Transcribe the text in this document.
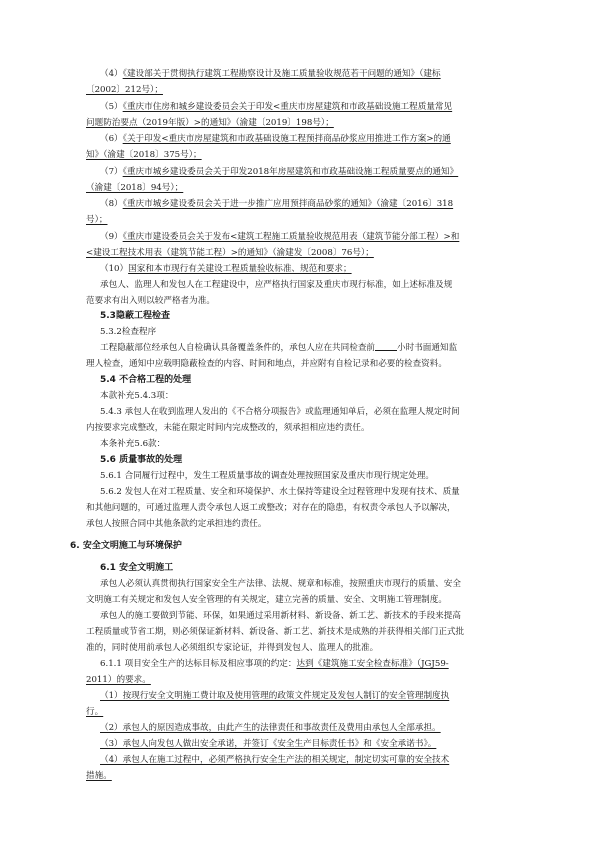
（4）《建设部关于贯彻执行建筑工程勘察设计及施工质量验收规范若干问题的通知》（建标
〔2002〕212号）；
（5）《重庆市住房和城乡建设委员会关于印发<重庆市房屋建筑和市政基础设施工程质量常见
问题防治要点（2019年版）>的通知》（渝建〔2019〕198号）；
（6）《关于印发<重庆市房屋建筑和市政基础设施工程预拌商品砂浆应用推进工作方案>的通
知》（渝建〔2018〕375号）；
（7）《重庆市城乡建设委员会关于印发2018年房屋建筑和市政基础设施工程质量要点的通知》
（渝建〔2018〕94号）；
（8）《重庆市城乡建设委员会关于进一步推广应用预拌商品砂浆的通知》（渝建〔2016〕318
号）；
（9）《重庆市建设委员会关于发布<建筑工程施工质量验收规范用表（建筑节能分部工程）>和
<建设工程技术用表（建筑节能工程）>的通知》（渝建发〔2008〕76号）；
（10）国家和本市现行有关建设工程质量验收标准、规范和要求；
承包人、监理人和发包人在工程建设中，应严格执行国家及重庆市现行标准，如上述标准及规
范要求有出入则以较严格者为准。
5.3隐蔽工程检查
5.3.2检查程序
工程隐蔽部位经承包人自检确认具备覆盖条件的，承包人应在共同检查前	小时书面通知监
理人检查，通知中应载明隐蔽检查的内容、时间和地点，并应附有自检记录和必要的检查资料。
5.4 不合格工程的处理
本款补充5.4.3项：
5.4.3 承包人在收到监理人发出的《不合格分项报告》或监理通知单后，必须在监理人规定时间
内按要求完成整改，未能在限定时间内完成整改的，须承担相应违约责任。
本条补充5.6款：
5.6 质量事故的处理
5.6.1 合同履行过程中，发生工程质量事故的调查处理按照国家及重庆市现行规定处理。
5.6.2 发包人在对工程质量、安全和环境保护、水土保持等建设全过程管理中发现有技术、质量
和其他问题的，可通过监理人责令承包人返工或整改；对存在的隐患，有权责令承包人予以解决，
承包人按照合同中其他条款约定承担违约责任。
6. 安全文明施工与环境保护
6.1 安全文明施工
承包人必须认真贯彻执行国家安全生产法律、法规、规章和标准，按照重庆市现行的质量、安全
文明施工有关规定和发包人安全管理的有关规定，建立完善的质量、安全、文明施工管理制度。
承包人的施工要做到节能、环保，如果通过采用新材料、新设备、新工艺、新技术的手段来提高
工程质量或节省工期，则必须保证新材料、新设备、新工艺、新技术是成熟的并获得相关部门正式批
准的，同时使用前承包人必须组织专家论证，并得到发包人、监理人的批准。
6.1.1 项目安全生产的达标目标及相应事项的约定：达到《建筑施工安全检查标准》（JGJ59-
2011）的要求。
（1）按现行安全文明施工费计取及使用管理的政策文件规定及发包人制订的安全管理制度执
行。
（2）承包人的原因造成事故，由此产生的法律责任和事故责任及费用由承包人全部承担。
（3）承包人向发包人做出安全承诺，并签订《安全生产目标责任书》和《安全承诺书》。
（4）承包人在施工过程中，必须严格执行安全生产法的相关规定，制定切实可靠的安全技术
措施。
